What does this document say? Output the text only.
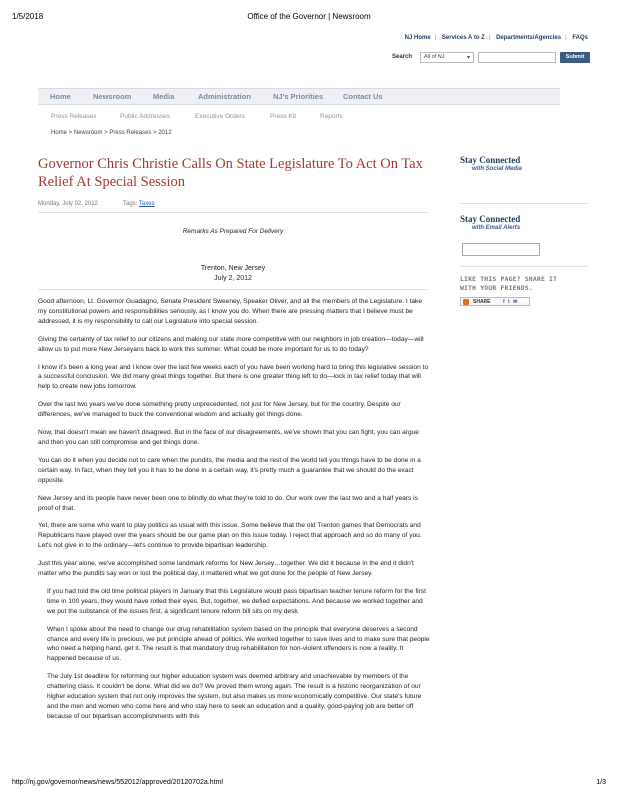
1/5/2018	Office of the Governor | Newsroom
NJ Home | Services A to Z | Departments/Agencies | FAQs
Search	All of NJ	▾	Submit
Home	Newsroom	Media	Administration	NJ's Priorities	Contact Us
Press Releases	Public Addresses	Executive Orders	Press Kit	Reports
Home > Newsroom > Press Releases > 2012
Governor Chris Christie Calls On State Legislature To Act On Tax Relief At Special Session
Monday, July 02, 2012	Tags: Taxes
Remarks As Prepared For Delivery
Trenton, New Jersey
July 2, 2012

Good afternoon, Lt. Governor Guadagno, Senate President Sweeney, Speaker Oliver, and all the members of the Legislature. I take my constitutional powers and responsibilities seriously, as I know you do. When there are pressing matters that I believe must be addressed, it is my responsibility to call our Legislature into special session.

Giving the certainty of tax relief to our citizens and making our state more competitive with our neighbors in job creation—today—will allow us to put more New Jerseyans back to work this summer. What could be more important for us to do today?

I know it's been a long year and I know over the last few weeks each of you have been working hard to bring this legislative session to a successful conclusion. We did many great things together. But there is one greater thing left to do—lock in tax relief today that will help to create new jobs tomorrow.

Over the last two years we've done something pretty unprecedented, not just for New Jersey, but for the country. Despite our differences, we've managed to buck the conventional wisdom and actually get things done.

Now, that doesn't mean we haven't disagreed. But in the face of our disagreements, we've shown that you can fight, you can argue and then you can still compromise and get things done.

You can do it when you decide not to care when the pundits, the media and the rest of the world tell you things have to be done in a certain way. In fact, when they tell you it has to be done in a certain way, it's pretty much a guarantee that we should do the exact opposite.

New Jersey and its people have never been one to blindly do what they're told to do. Our work over the last two and a half years is proof of that.

Yet, there are some who want to play politics as usual with this issue. Some believe that the old Trenton games that Democrats and Republicans have played over the years should be our game plan on this issue today. I reject that approach and so do many of you. Let's not give in to the ordinary—let's continue to provide bipartisan leadership.

Just this year alone, we've accomplished some landmark reforms for New Jersey…together. We did it because in the end it didn't matter who the pundits say won or lost the political day, it mattered what we got done for the people of New Jersey.

If you had told the old time political players in January that this Legislature would pass bipartisan teacher tenure reform for the first time in 100 years, they would have rolled their eyes. But, together, we defied expectations. And because we worked together and we put the substance of the issues first, a significant tenure reform bill sits on my desk.

When I spoke about the need to change our drug rehabilitation system based on the principle that everyone deserves a second chance and every life is precious, we put principle ahead of politics. We worked together to save lives and to make sure that people who need a helping hand, get it. The result is that mandatory drug rehabilitation for non-violent offenders is now a reality. It happened because of us.

The July 1st deadline for reforming our higher education system was deemed arbitrary and unachievable by members of the chattering class. It couldn't be done. What did we do? We proved them wrong again. The result is a historic reorganization of our higher education system that not only improves the system, but also makes us more economically competitive. Our state's future and the men and women who come here and who stay here to seek an education and a quality, good-paying job are better off because of our bipartisan accomplishments with this

Stay Connected
with Social Media
Stay Connected
with Email Alerts
LIKE THIS PAGE? SHARE IT
WITH YOUR FRIENDS.
SHARE f t ✉
http://nj.gov/governor/news/news/552012/approved/20120702a.html	1/3
